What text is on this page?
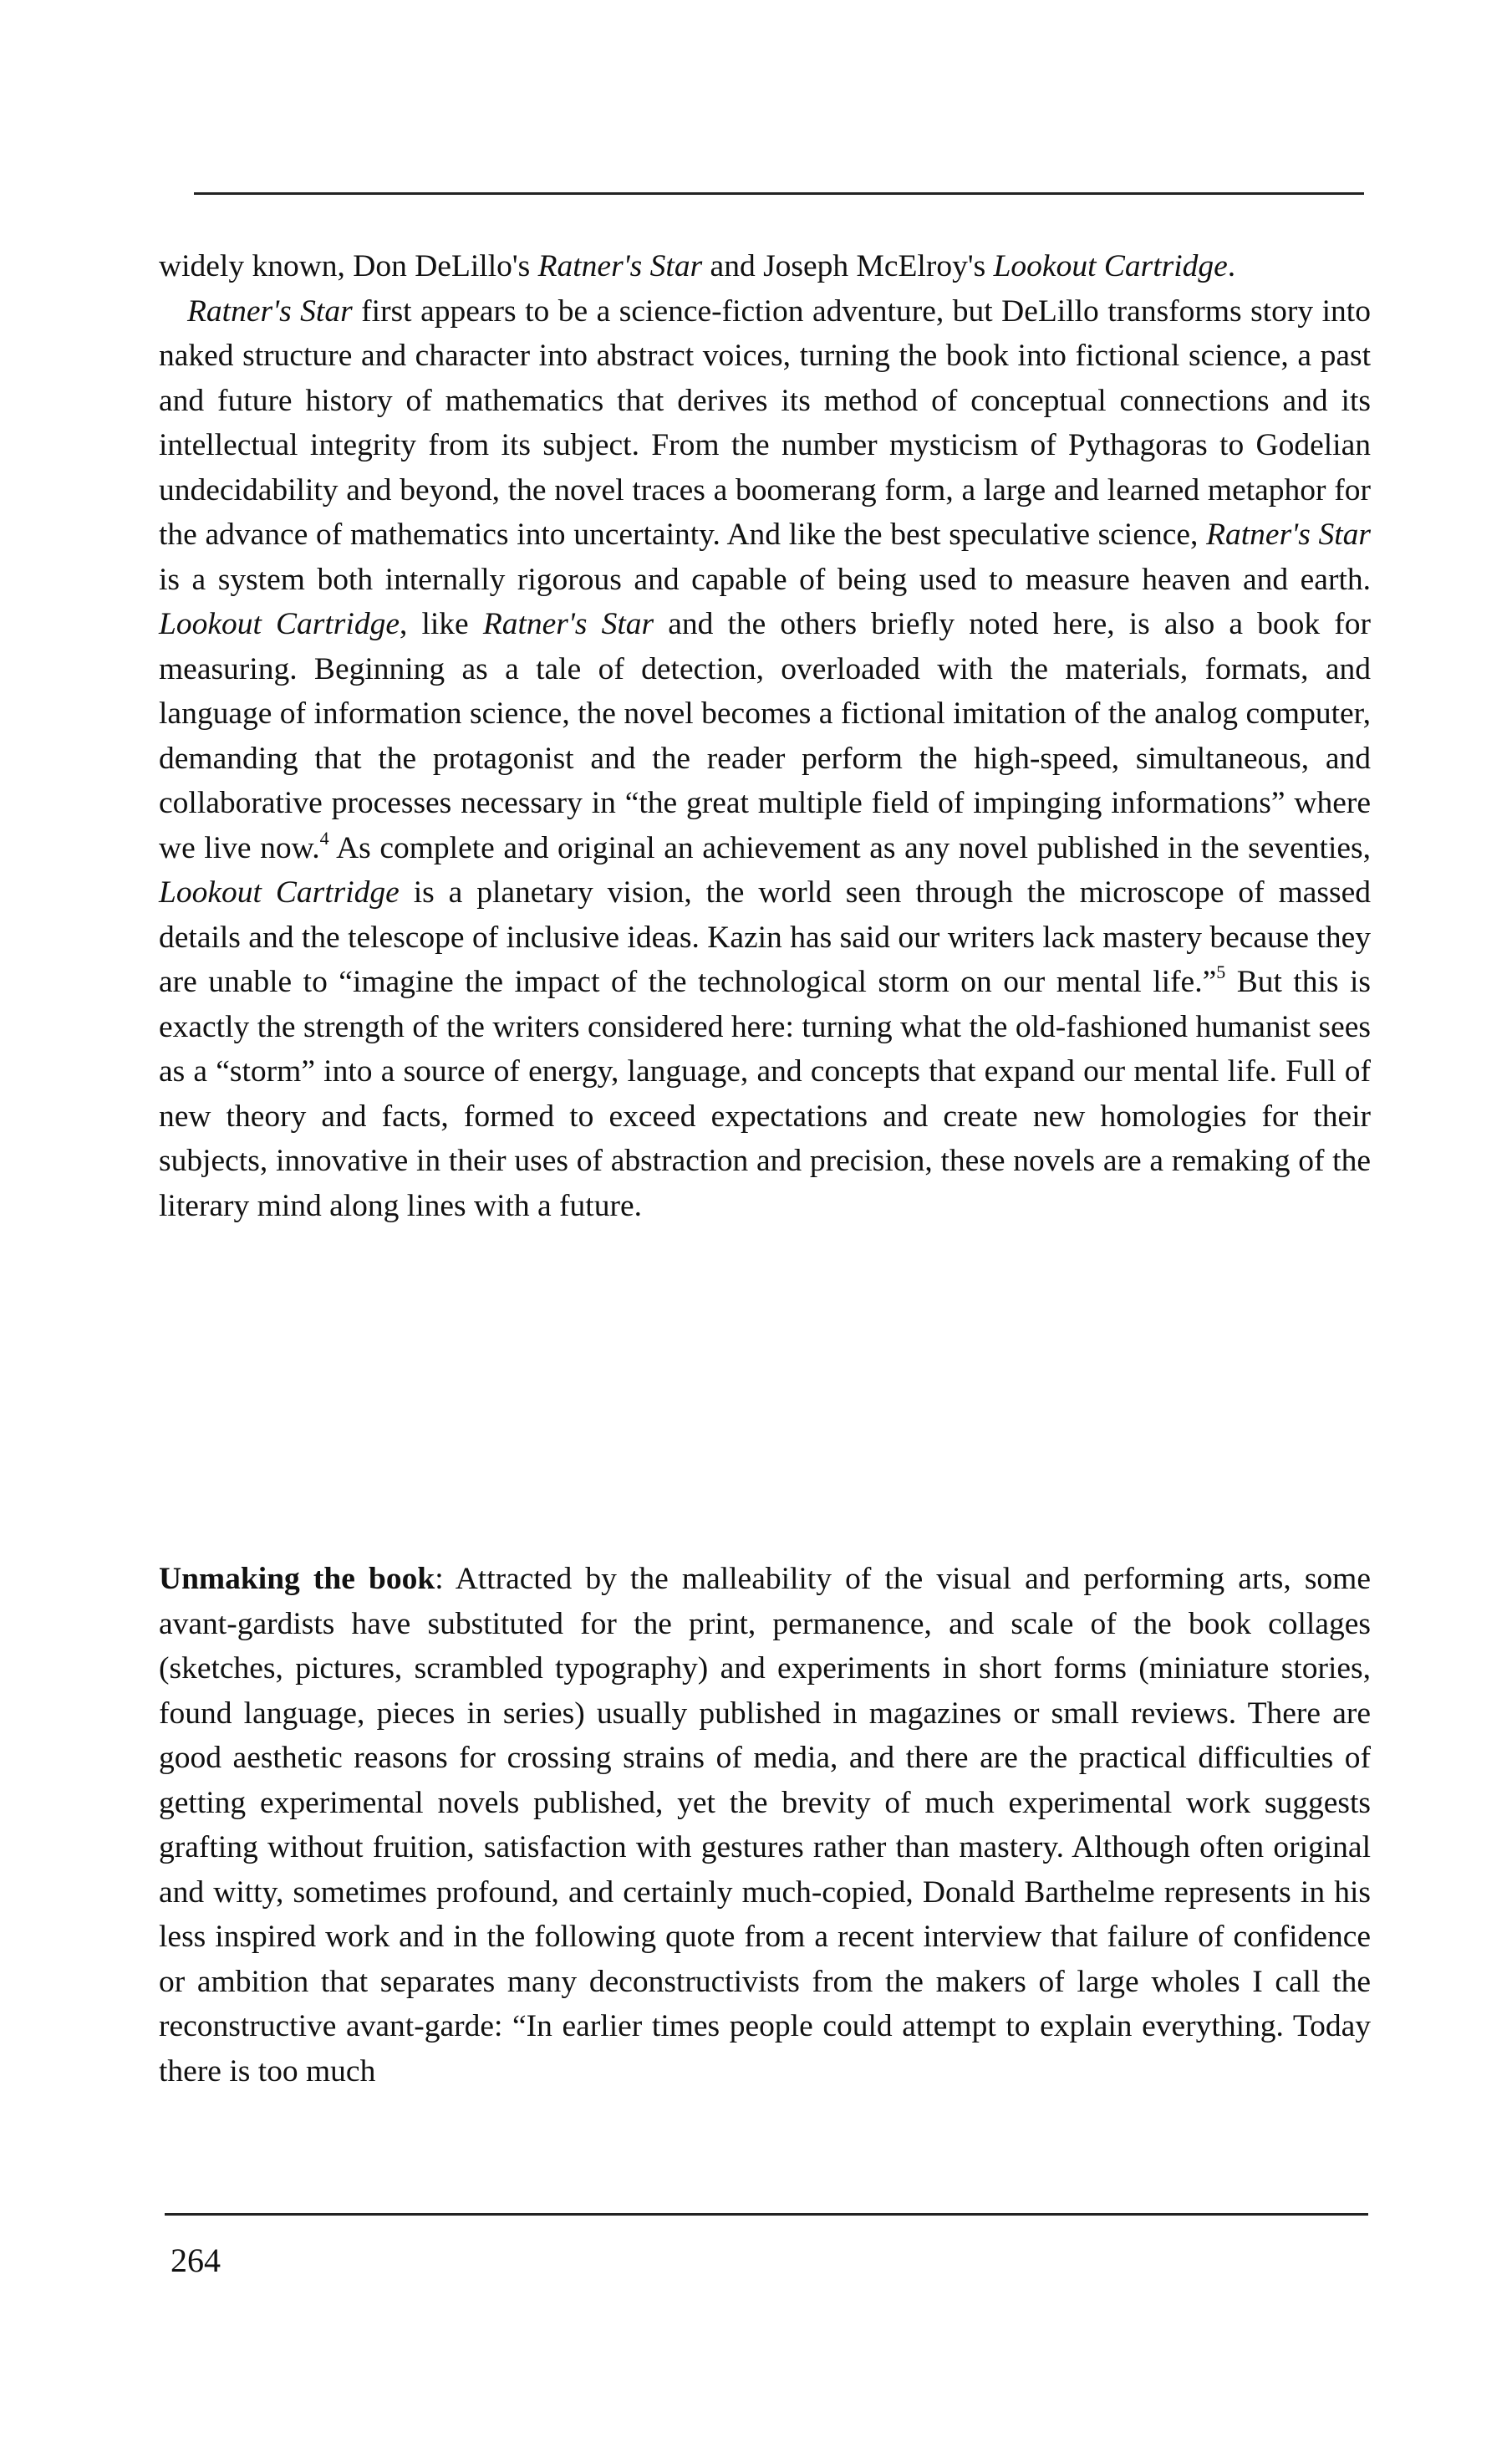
widely known, Don DeLillo's Ratner's Star and Joseph McElroy's Lookout Cartridge.

Ratner's Star first appears to be a science-fiction adventure, but DeLillo transforms story into naked structure and character into abstract voices, turning the book into fictional science, a past and future history of mathematics that derives its method of conceptual connections and its intellectual integrity from its subject. From the number mysticism of Pythagoras to Godelian undecidability and beyond, the novel traces a boomerang form, a large and learned metaphor for the advance of mathematics into uncertainty. And like the best speculative science, Ratner's Star is a system both internally rigorous and capable of being used to measure heaven and earth. Lookout Cartridge, like Ratner's Star and the others briefly noted here, is also a book for measuring. Beginning as a tale of detection, overloaded with the materials, formats, and language of information science, the novel becomes a fictional imitation of the analog computer, demanding that the protagonist and the reader perform the high-speed, simultaneous, and collaborative processes necessary in “the great multiple field of impinging informations” where we live now.$^4$ As complete and original an achievement as any novel published in the seventies, Lookout Cartridge is a planetary vision, the world seen through the microscope of massed details and the telescope of inclusive ideas. Kazin has said our writers lack mastery because they are unable to “imagine the impact of the technological storm on our mental life.”$^5$ But this is exactly the strength of the writers considered here: turning what the old-fashioned humanist sees as a “storm” into a source of energy, language, and concepts that expand our mental life. Full of new theory and facts, formed to exceed expectations and create new homologies for their subjects, innovative in their uses of abstraction and precision, these novels are a remaking of the literary mind along lines with a future.

Unmaking the book: Attracted by the malleability of the visual and performing arts, some avant-gardists have substituted for the print, permanence, and scale of the book collages (sketches, pictures, scrambled typography) and experiments in short forms (miniature stories, found language, pieces in series) usually published in magazines or small reviews. There are good aesthetic reasons for crossing strains of media, and there are the practical difficulties of getting experimental novels published, yet the brevity of much experimental work suggests grafting without fruition, satisfaction with gestures rather than mastery. Although often original and witty, sometimes profound, and certainly much-copied, Donald Barthelme represents in his less inspired work and in the following quote from a recent interview that failure of confidence or ambition that separates many deconstructivists from the makers of large wholes I call the reconstructive avant-garde: “In earlier times people could attempt to explain everything. Today there is too much

264
